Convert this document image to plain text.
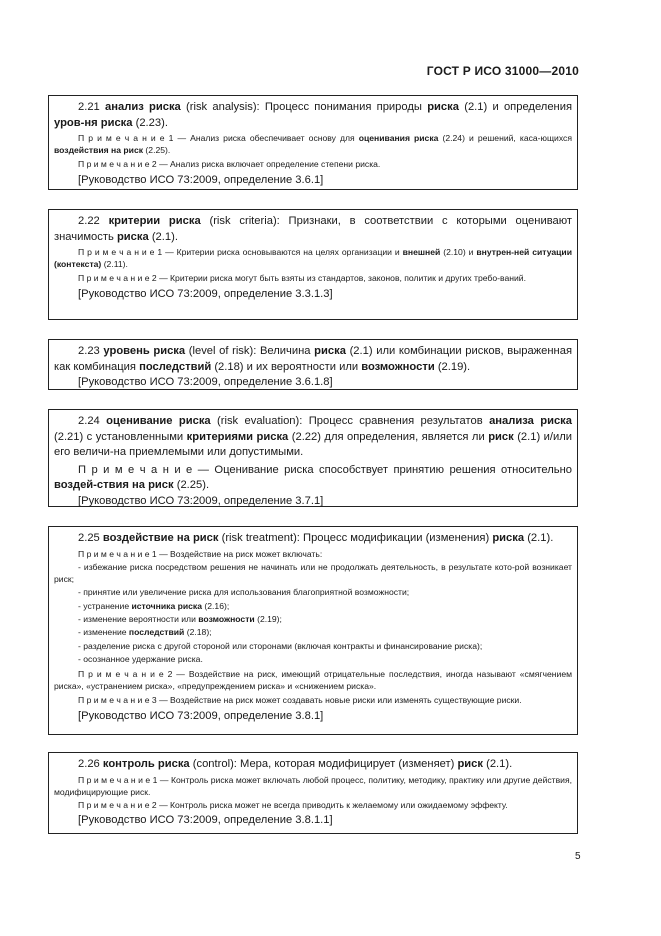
ГОСТ Р ИСО 31000—2010

2.21 анализ риска (risk analysis): Процесс понимания природы риска (2.1) и определения уров-ня риска (2.23).

П р и м е ч а н и е 1 — Анализ риска обеспечивает основу для оценивания риска (2.24) и решений, каса-ющихся воздействия на риск (2.25).

П р и м е ч а н и е 2 — Анализ риска включает определение степени риска.

[Руководство ИСО 73:2009, определение 3.6.1]

2.22 критерии риска (risk criteria): Признаки, в соответствии с которыми оценивают значимость риска (2.1).

П р и м е ч а н и е 1 — Критерии риска основываются на целях организации и внешней (2.10) и внутрен-ней ситуации (контекста) (2.11).

П р и м е ч а н и е 2 — Критерии риска могут быть взяты из стандартов, законов, политик и других требо-ваний.

[Руководство ИСО 73:2009, определение 3.3.1.3]

2.23 уровень риска (level of risk): Величина риска (2.1) или комбинации рисков, выраженная как комбинация последствий (2.18) и их вероятности или возможности (2.19).

[Руководство ИСО 73:2009, определение 3.6.1.8]

2.24 оценивание риска (risk evaluation): Процесс сравнения результатов анализа риска (2.21) с установленными критериями риска (2.22) для определения, является ли риск (2.1) и/или его величи-на приемлемыми или допустимыми.

П р и м е ч а н и е — Оценивание риска способствует принятию решения относительно воздей-ствия на риск (2.25).

[Руководство ИСО 73:2009, определение 3.7.1]

2.25 воздействие на риск (risk treatment): Процесс модификации (изменения) риска (2.1).

П р и м е ч а н и е 1 — Воздействие на риск может включать:

- избежание риска посредством решения не начинать или не продолжать деятельность, в результате кото-рой возникает риск;

- принятие или увеличение риска для использования благоприятной возможности;

- устранение источника риска (2.16);

- изменение вероятности или возможности (2.19);

- изменение последствий (2.18);

- разделение риска с другой стороной или сторонами (включая контракты и финансирование риска);

- осознанное удержание риска.

П р и м е ч а н и е 2 — Воздействие на риск, имеющий отрицательные последствия, иногда называют «смягчением риска», «устранением риска», «предупреждением риска» и «снижением риска».

П р и м е ч а н и е 3 — Воздействие на риск может создавать новые риски или изменять существующие риски.

[Руководство ИСО 73:2009, определение 3.8.1]

2.26 контроль риска (control): Мера, которая модифицирует (изменяет) риск (2.1).

П р и м е ч а н и е 1 — Контроль риска может включать любой процесс, политику, методику, практику или другие действия, модифицирующие риск.

П р и м е ч а н и е 2 — Контроль риска может не всегда приводить к желаемому или ожидаемому эффекту.

[Руководство ИСО 73:2009, определение 3.8.1.1]

5
